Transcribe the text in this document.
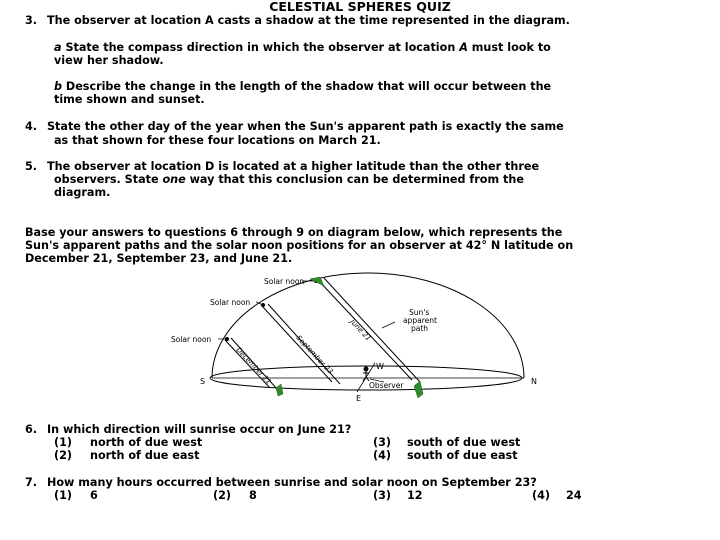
CELESTIAL SPHERES QUIZ
3. The observer at location A casts a shadow at the time represented in the diagram.
a State the compass direction in which the observer at location A must look to
view her shadow.
b Describe the change in the length of the shadow that will occur between the
time shown and sunset.
4. State the other day of the year when the Sun's apparent path is exactly the same
as that shown for these four locations on March 21.
5. The observer at location D is located at a higher latitude than the other three
observers. State one way that this conclusion can be determined from the
diagram.
Base your answers to questions 6 through 9 on diagram below, which represents the
Sun's apparent paths and the solar noon positions for an observer at 42° N latitude on
December 21, September 23, and June 21.
Solar noon
Solar noon
Solar noon
Sun's apparent path
June 21
September 23
December 21
S	N
E
W
Observer
6. In which direction will sunrise occur on June 21?
(1) north of due west
(2) north of due east
(3) south of due west
(4) south of due east
7. How many hours occurred between sunrise and solar noon on September 23?
(1) 6	(2) 8	(3) 12	(4) 24
